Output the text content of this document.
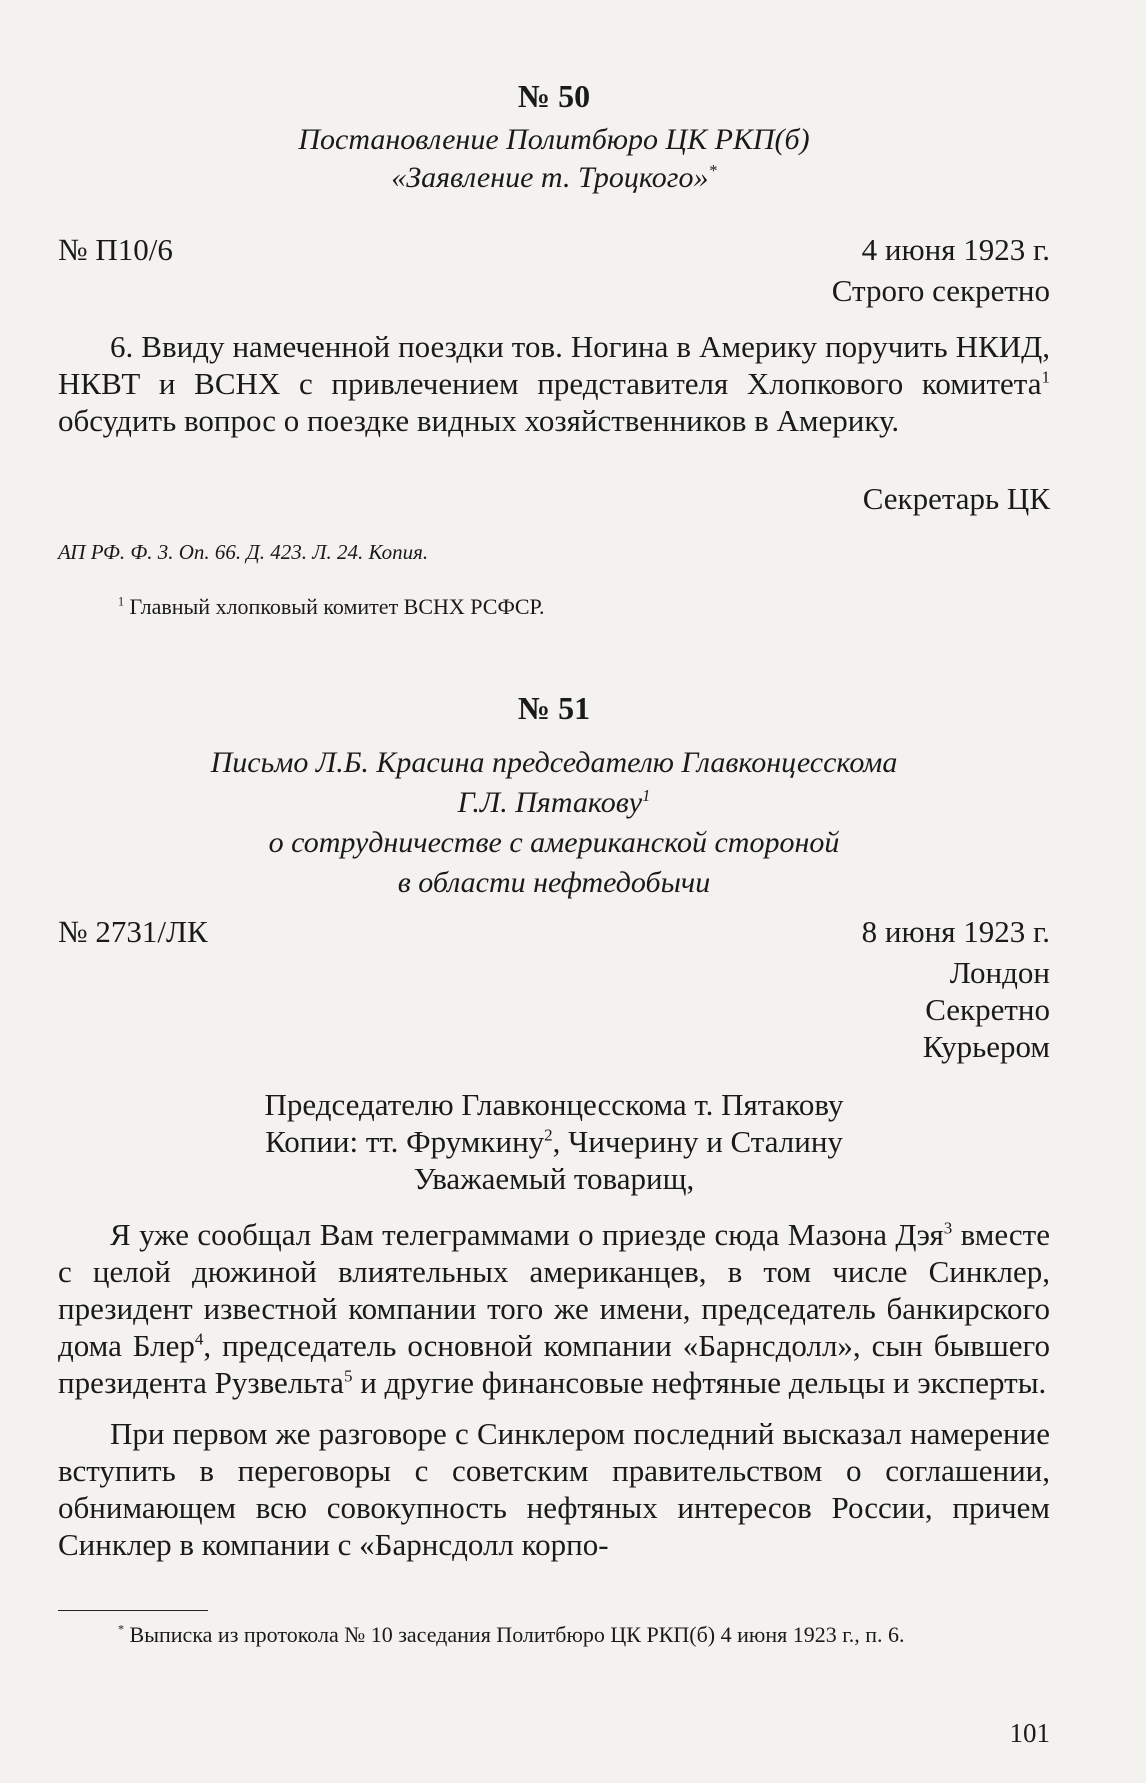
№ 50
Постановление Политбюро ЦК РКП(б)
«Заявление т. Троцкого»*
№ П10/6	4 июня 1923 г.
Строго секретно

6. Ввиду намеченной поездки тов. Ногина в Америку поручить НКИД, НКВТ и ВСНХ с привлечением представителя Хлопкового комитета$^1$ обсудить вопрос о поездке видных хозяйственников в Америку.

Секретарь ЦК
АП РФ. Ф. 3. Оп. 66. Д. 423. Л. 24. Копия.
$^1$ Главный хлопковый комитет ВСНХ РСФСР.
№ 51
Письмо Л.Б. Красина председателю Главконцесскома
Г.Л. Пятакову$^1$
о сотрудничестве с американской стороной
в области нефтедобычи
№ 2731/ЛК	8 июня 1923 г.
Лондон
Секретно
Курьером
Председателю Главконцесскома т. Пятакову
Копии: тт. Фрумкину$^2$, Чичерину и Сталину
Уважаемый товарищ,

Я уже сообщал Вам телеграммами о приезде сюда Мазона Дэя$^3$ вместе с целой дюжиной влиятельных американцев, в том числе Синклер, президент известной компании того же имени, председатель банкирского дома Блер$^4$, председатель основной компании «Барнсдолл», сын бывшего президента Рузвельта$^5$ и другие финансовые нефтяные дельцы и эксперты.

При первом же разговоре с Синклером последний высказал намерение вступить в переговоры с советским правительством о соглашении, обнимающем всю совокупность нефтяных интересов России, причем Синклер в компании с «Барнсдолл корпо-

* Выписка из протокола № 10 заседания Политбюро ЦК РКП(б) 4 июня 1923 г., п. 6.
101
